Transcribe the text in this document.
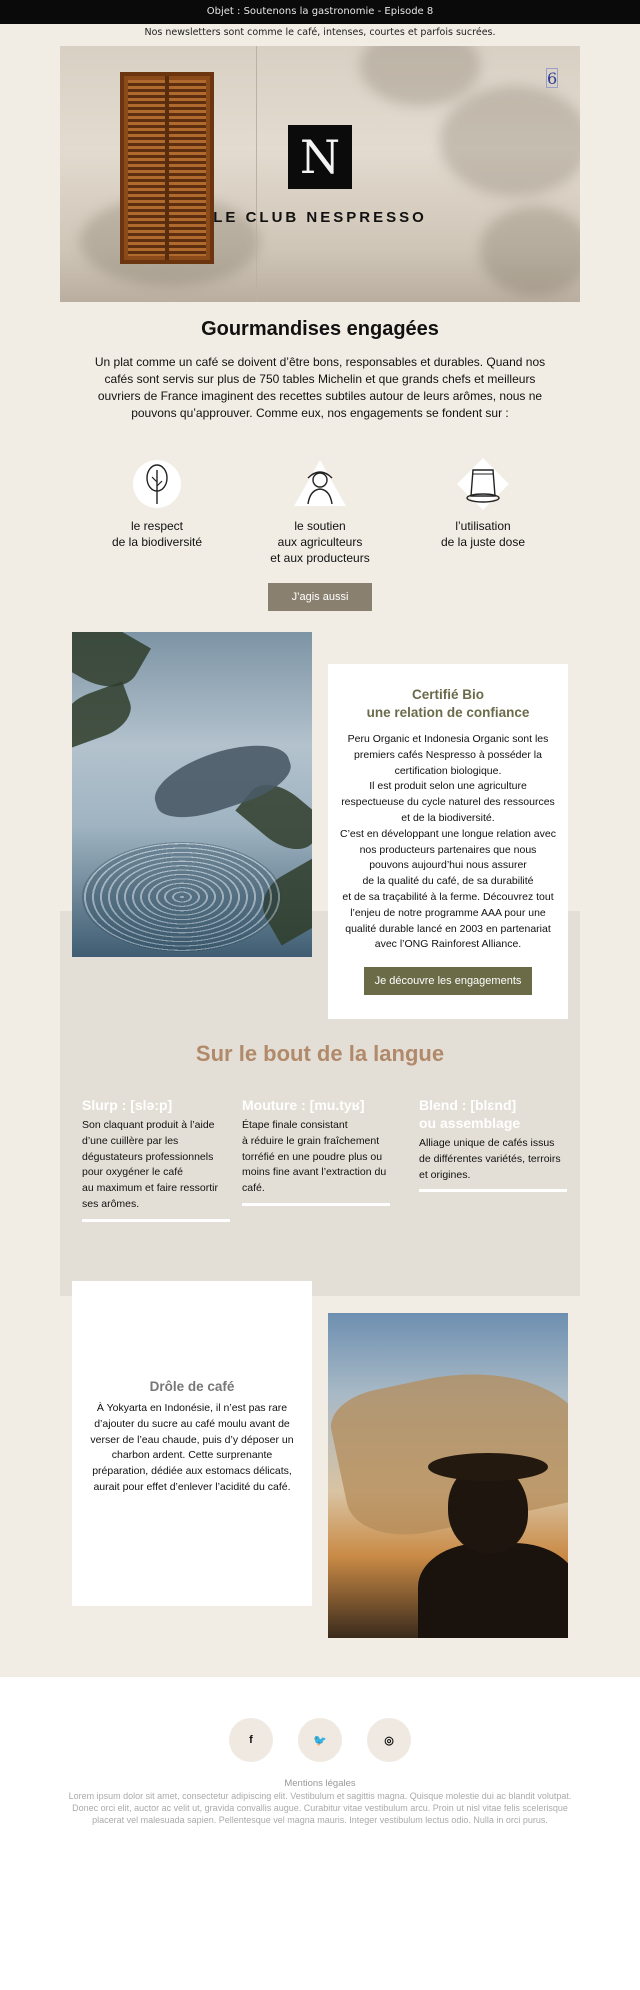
Objet : Soutenons la gastronomie - Episode 8
Nos newsletters sont comme le café, intenses, courtes et parfois sucrées.
N
LE CLUB NESPRESSO
6
Gourmandises engagées
Un plat comme un café se doivent d’être bons, responsables et durables. Quand nos cafés sont servis sur plus de 750 tables Michelin et que grands chefs et meilleurs ouvriers de France imaginent des recettes subtiles autour de leurs arômes, nous ne pouvons qu’approuver. Comme eux, nos engagements se fondent sur :
le respect
de la biodiversité
le soutien
aux agriculteurs
et aux producteurs
l’utilisation
de la juste dose
J’agis aussi
Certifié Bio
une relation de confiance
Peru Organic et Indonesia Organic sont les premiers cafés Nespresso à posséder la certification biologique.
Il est produit selon une agriculture respectueuse du cycle naturel des ressources et de la biodiversité.
C’est en développant une longue relation avec nos producteurs partenaires que nous pouvons aujourd’hui nous assurer
de la qualité du café, de sa durabilité
et de sa traçabilité à la ferme. Découvrez tout l’enjeu de notre programme AAA pour une qualité durable lancé en 2003 en partenariat avec l’ONG Rainforest Alliance.
Je découvre les engagements
Sur le bout de la langue
Slurp : [slə:p]
Son claquant produit à l’aide d’une cuillère par les dégustateurs professionnels pour oxygéner le café
au maximum et faire ressortir ses arômes.
Mouture : [mu.tyʁ]
Étape finale consistant
à réduire le grain fraîchement torréfié en une poudre plus ou moins fine avant l’extraction du café.
Blend : [blɛnd]
ou assemblage
Alliage unique de cafés issus de différentes variétés, terroirs et origines.
Drôle de café
À Yokyarta en Indonésie, il n’est pas rare d’ajouter du sucre au café moulu avant de verser de l’eau chaude, puis d’y déposer un charbon ardent. Cette surprenante préparation, dédiée aux estomacs délicats, aurait pour effet d’enlever l’acidité du café.
f	🐦	◎
Mentions légales
Lorem ipsum dolor sit amet, consectetur adipiscing elit. Vestibulum et sagittis magna. Quisque molestie dui ac blandit volutpat. Donec orci elit, auctor ac velit ut, gravida convallis augue. Curabitur vitae vestibulum arcu. Proin ut nisl vitae felis scelerisque placerat vel malesuada sapien. Pellentesque vel magna mauris. Integer vestibulum lectus odio. Nulla in orci purus.
